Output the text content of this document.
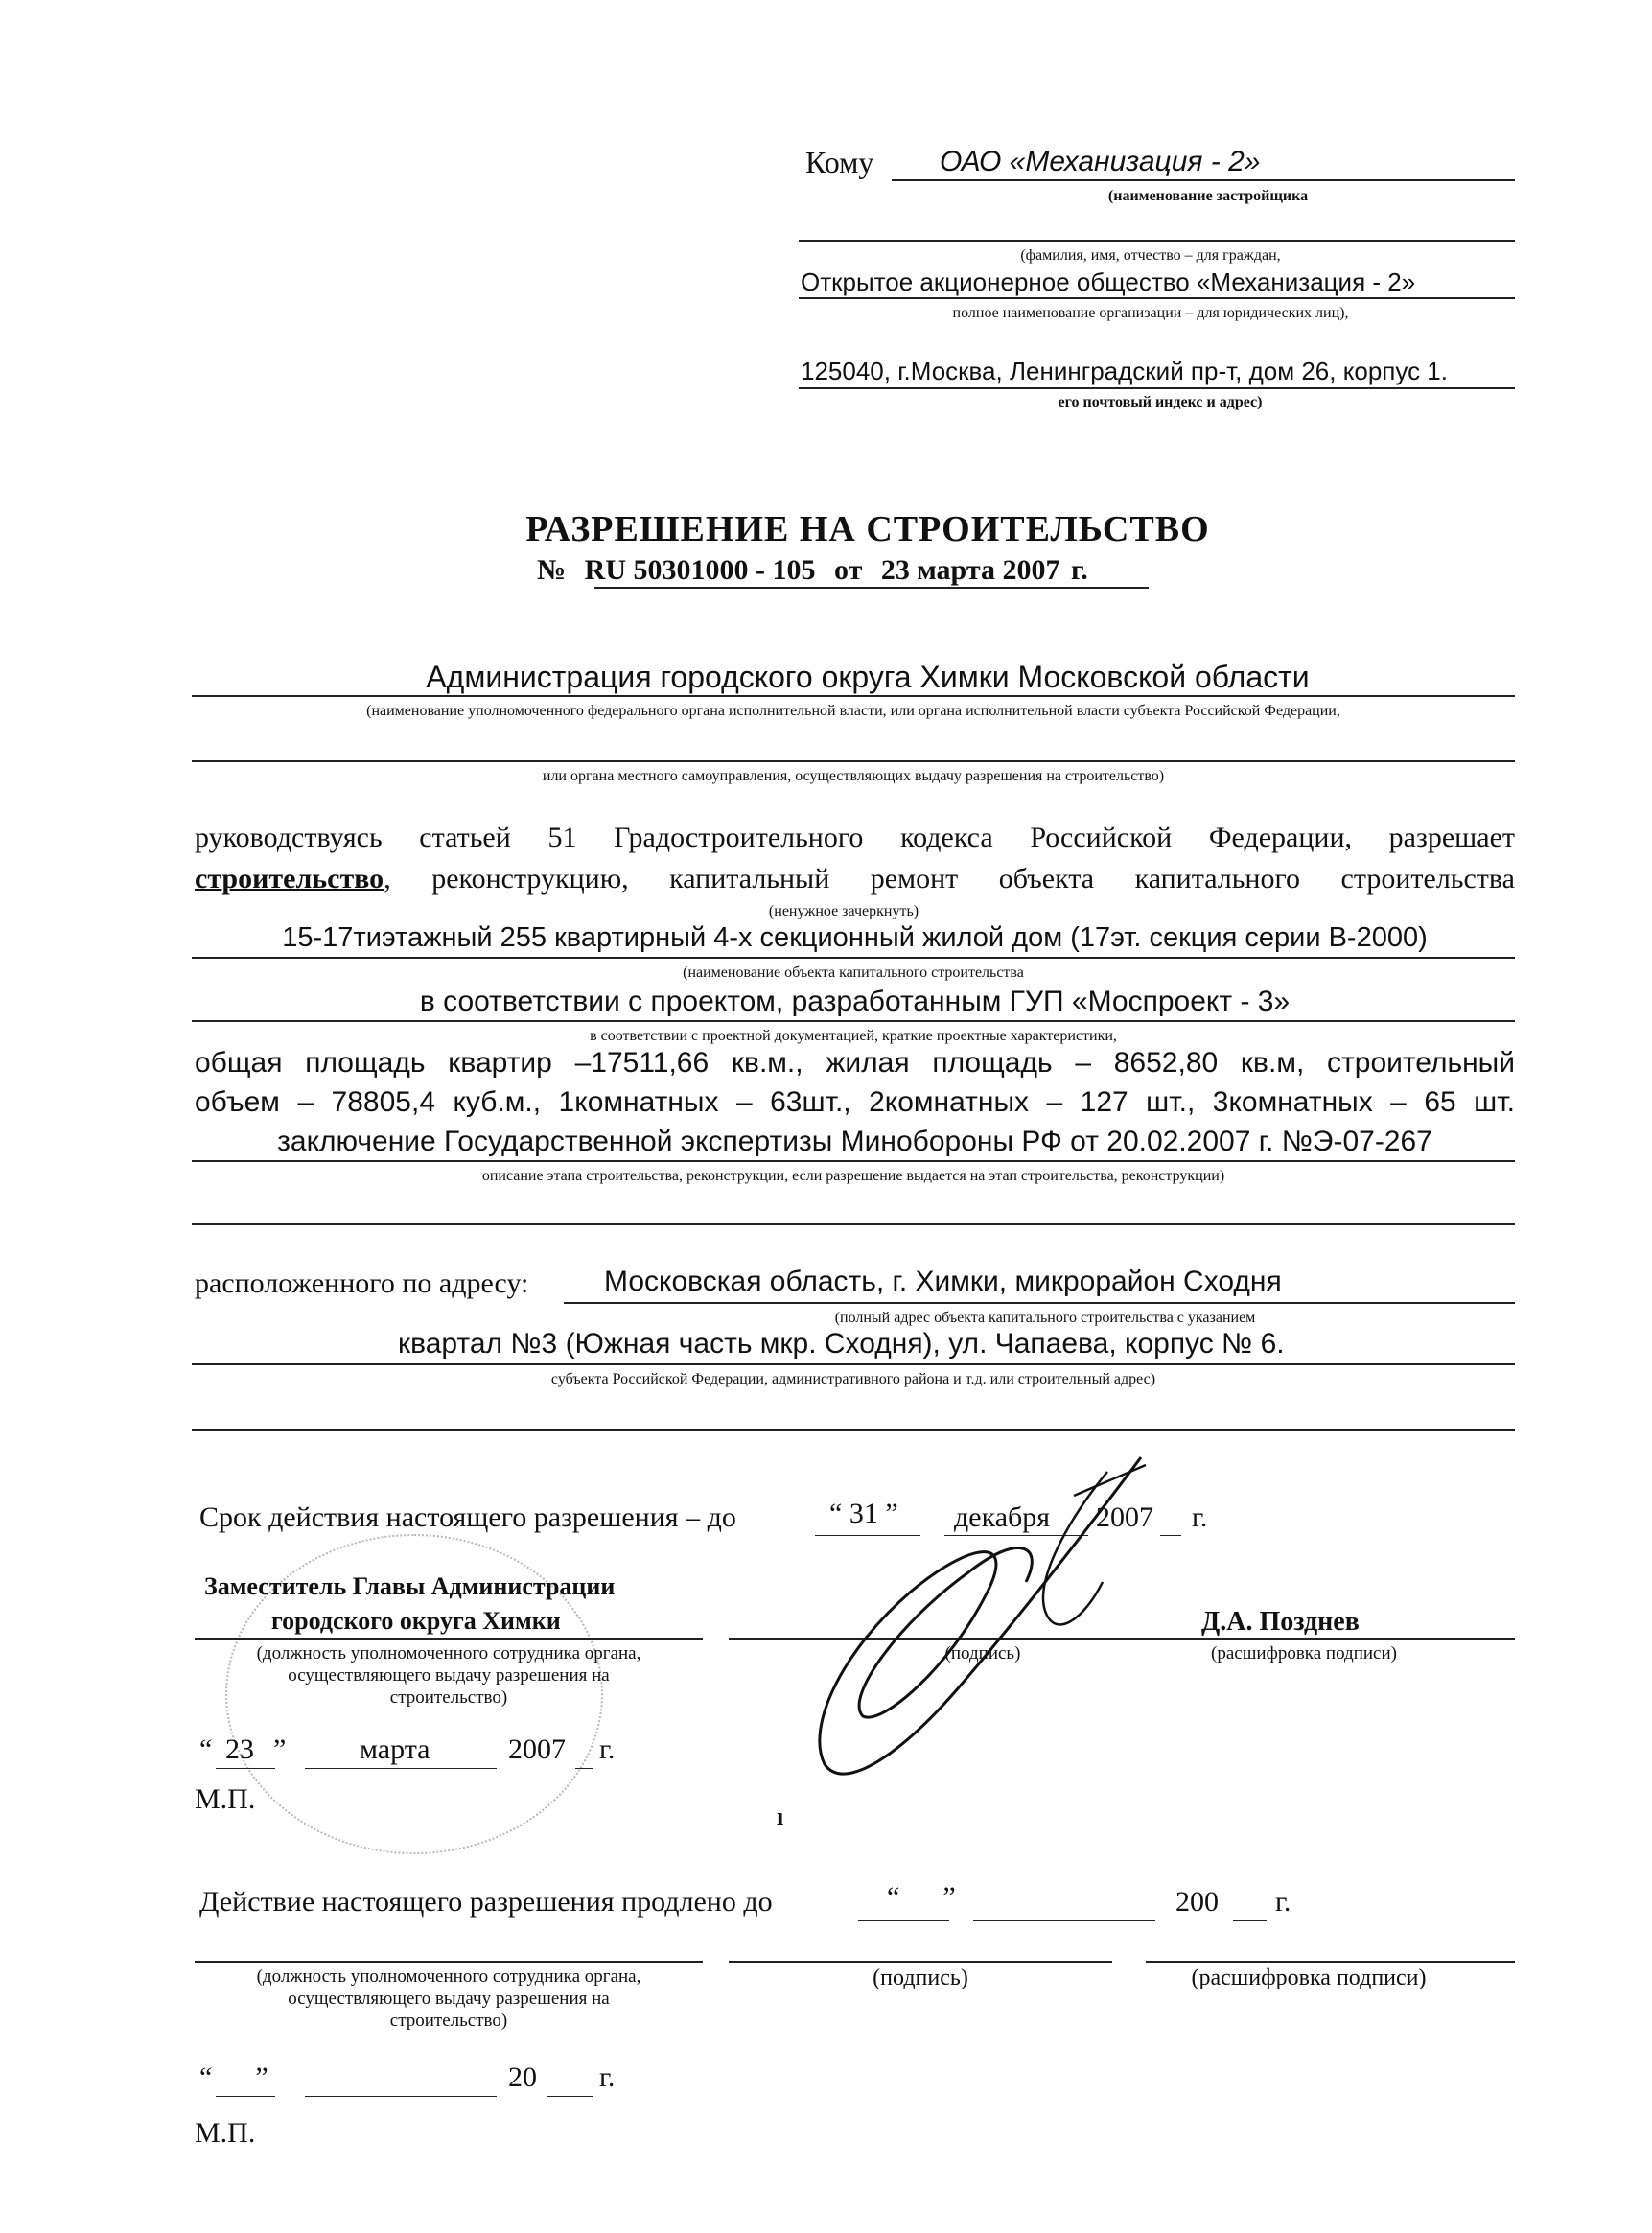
Кому ОАО «Механизация - 2»
(наименование застройщика
(фамилия, имя, отчество – для граждан,
Открытое акционерное общество «Механизация - 2»
полное наименование организации – для юридических лиц),
125040, г.Москва, Ленинградский пр-т, дом 26, корпус 1.
его почтовый индекс и адрес)
РАЗРЕШЕНИЕ НА СТРОИТЕЛЬСТВО
№ RU 50301000 - 105 от 23 марта 2007 г.
Администрация городского округа Химки Московской области
(наименование уполномоченного федерального органа исполнительной власти, или органа исполнительной власти субъекта Российской Федерации,
или органа местного самоуправления, осуществляющих выдачу разрешения на строительство)
руководствуясь статьей 51 Градостроительного кодекса Российской Федерации, разрешает
строительство, реконструкцию, капитальный ремонт объекта капитального строительства
(ненужное зачеркнуть)
15-17тиэтажный 255 квартирный 4-х секционный жилой дом (17эт. секция серии В-2000)
(наименование объекта капитального строительства
в соответствии с проектом, разработанным ГУП «Моспроект - 3»
в соответствии с проектной документацией, краткие проектные характеристики,
общая площадь квартир –17511,66 кв.м., жилая площадь – 8652,80 кв.м, строительный
объем – 78805,4 куб.м., 1комнатных – 63шт., 2комнатных – 127 шт., 3комнатных – 65 шт.
заключение Государственной экспертизы Минобороны РФ от 20.02.2007 г. №Э-07-267
описание этапа строительства, реконструкции, если разрешение выдается на этап строительства, реконструкции)
расположенного по адресу:	Московская область, г. Химки, микрорайон Сходня
(полный адрес объекта капитального строительства с указанием
квартал №3 (Южная часть мкр. Сходня), ул. Чапаева, корпус № 6.
субъекта Российской Федерации, административного района и т.д. или строительный адрес)
Срок действия настоящего разрешения – до	“ 31 ” декабря 2007 г.
Заместитель Главы Администрации
городского округа Химки
(должность уполномоченного сотрудника органа,
осуществляющего выдачу разрешения на
строительство)
(подпись)
Д.А. Позднев
(расшифровка подписи)
“ 23 ”	марта	2007 г.
М.П.
ı
Действие настоящего разрешения продлено до	“      ”	200 г.
(должность уполномоченного сотрудника органа,
осуществляющего выдачу разрешения на
строительство)
(подпись)	(расшифровка подписи)
“      ”	20 г.
М.П.
